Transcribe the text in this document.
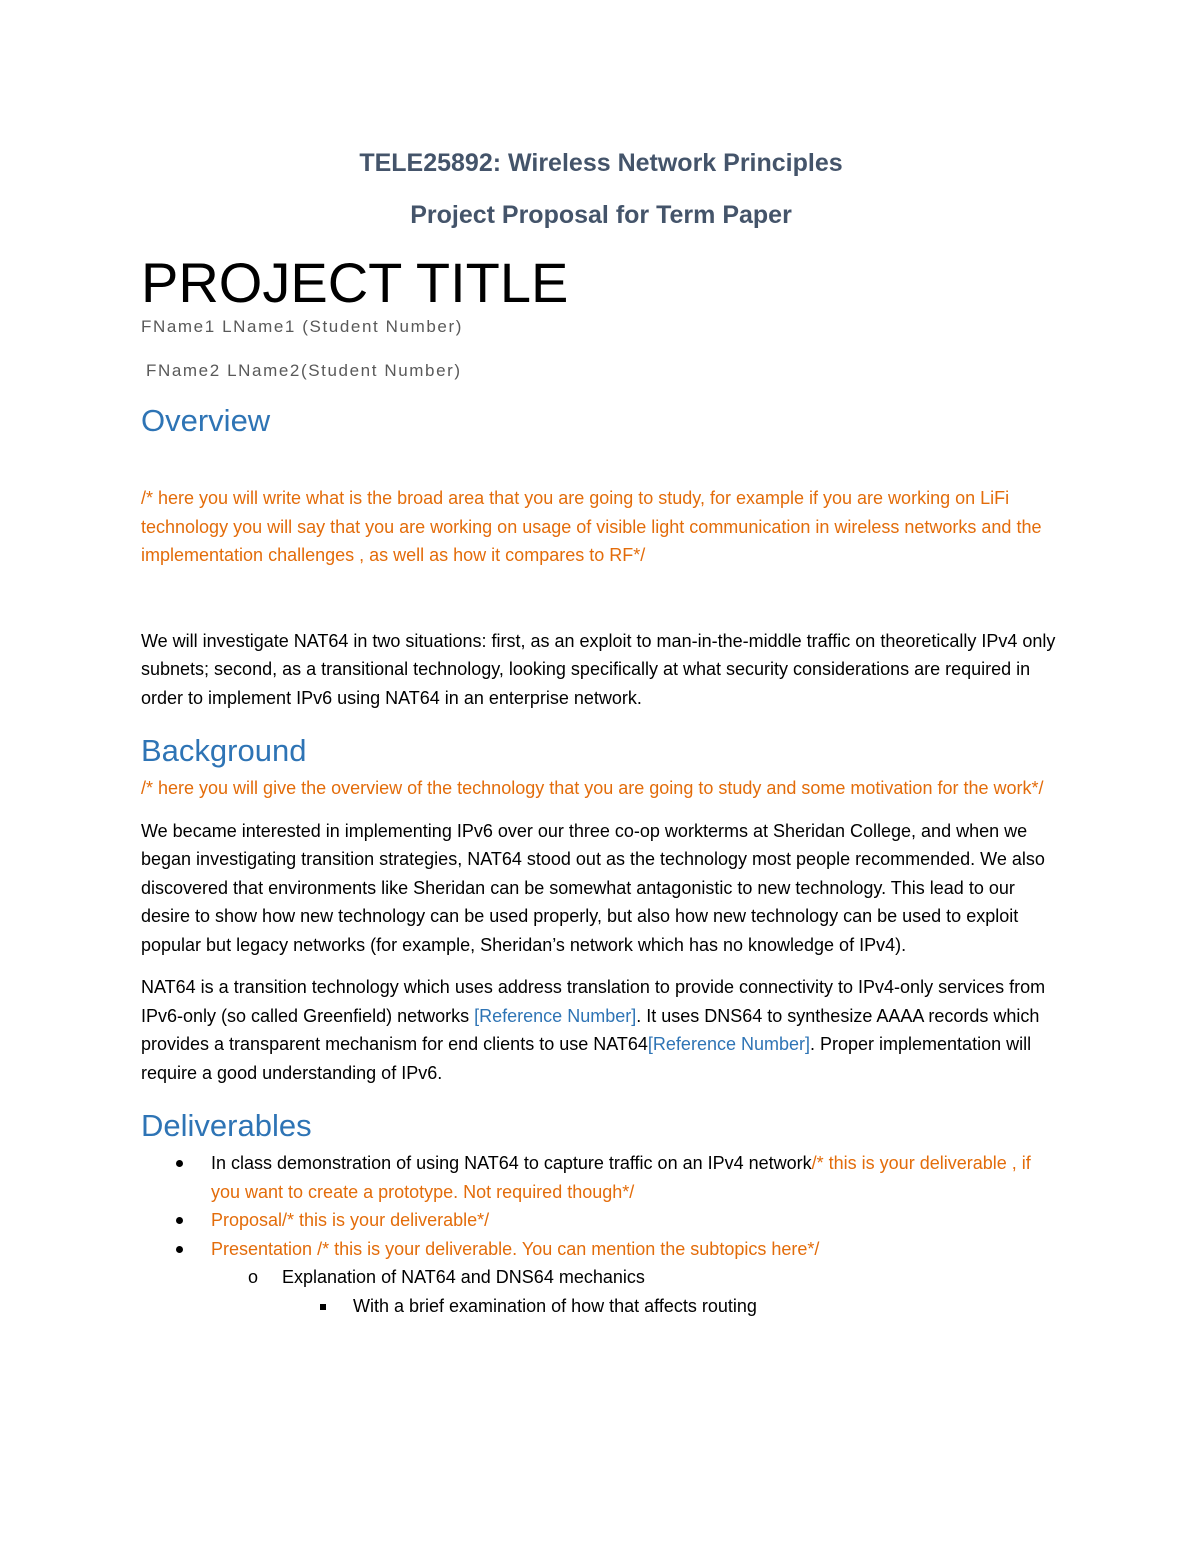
TELE25892: Wireless Network Principles
Project Proposal for Term Paper
PROJECT TITLE
FName1 LName1 (Student Number)
FName2 LName2(Student Number)
Overview

/* here you will write what is the broad area that you are going to study, for example if you are working on LiFi technology you will say that you are working on usage of visible light communication in wireless networks and the implementation challenges , as well as how it compares to RF*/

We will investigate NAT64 in two situations: first, as an exploit to man-in-the-middle traffic on theoretically IPv4 only subnets; second, as a transitional technology, looking specifically at what security considerations are required in order to implement IPv6 using NAT64 in an enterprise network.

Background

/* here you will give the overview of the technology that you are going to study and some motivation for the work*/

We became interested in implementing IPv6 over our three co-op workterms at Sheridan College, and when we began investigating transition strategies, NAT64 stood out as the technology most people recommended. We also discovered that environments like Sheridan can be somewhat antagonistic to new technology. This lead to our desire to show how new technology can be used properly, but also how new technology can be used to exploit popular but legacy networks (for example, Sheridan’s network which has no knowledge of IPv4).

NAT64 is a transition technology which uses address translation to provide connectivity to IPv4-only services from IPv6-only (so called Greenfield) networks [Reference Number]. It uses DNS64 to synthesize AAAA records which provides a transparent mechanism for end clients to use NAT64[Reference Number]. Proper implementation will require a good understanding of IPv6.

Deliverables
In class demonstration of using NAT64 to capture traffic on an IPv4 network/* this is your deliverable , if you want to create a prototype. Not required though*/
Proposal/* this is your deliverable*/
Presentation /* this is your deliverable. You can mention the subtopics here*/
o Explanation of NAT64 and DNS64 mechanics
With a brief examination of how that affects routing
